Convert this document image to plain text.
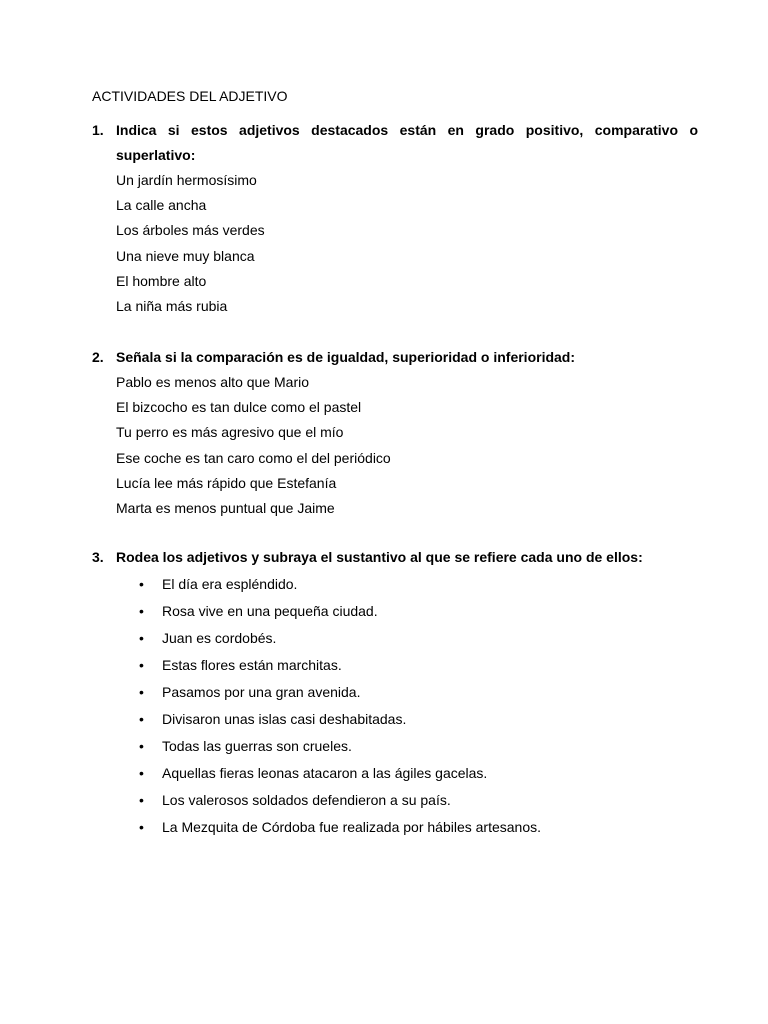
ACTIVIDADES DEL ADJETIVO
1. Indica si estos adjetivos destacados están en grado positivo, comparativo o superlativo:
Un jardín hermosísimo
La calle ancha
Los árboles más verdes
Una nieve muy blanca
El hombre alto
La niña más rubia
2. Señala si la comparación es de igualdad, superioridad o inferioridad:
Pablo es menos alto que Mario
El bizcocho es tan dulce como el pastel
Tu perro es más agresivo que el mío
Ese coche es tan caro como el del periódico
Lucía lee más rápido que Estefanía
Marta es menos puntual que Jaime
3. Rodea los adjetivos y subraya el sustantivo al que se refiere cada uno de ellos:
• El día era espléndido.
• Rosa vive en una pequeña ciudad.
• Juan es cordobés.
• Estas flores están marchitas.
• Pasamos por una gran avenida.
• Divisaron unas islas casi deshabitadas.
• Todas las guerras son crueles.
• Aquellas fieras leonas atacaron a las ágiles gacelas.
• Los valerosos soldados defendieron a su país.
• La Mezquita de Córdoba fue realizada por hábiles artesanos.
